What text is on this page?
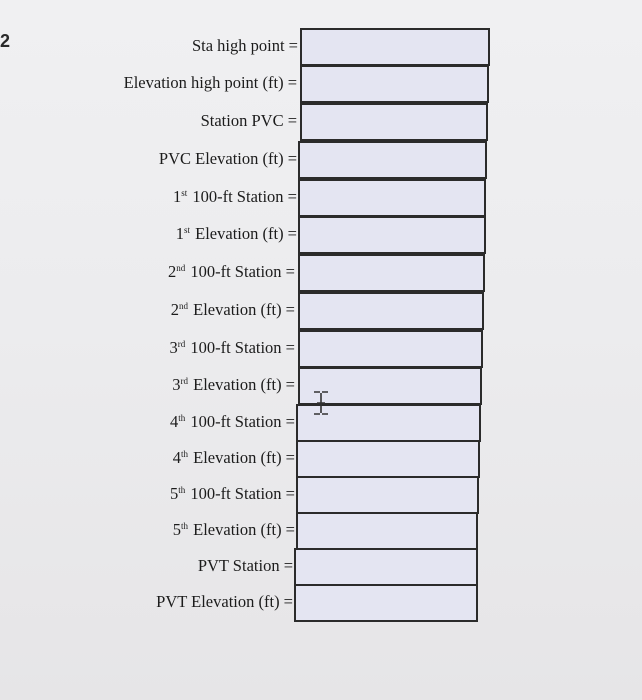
2	Sta high point =
Elevation high point (ft) =
Station PVC =
PVC Elevation (ft) =
1st 100-ft Station =
1st Elevation (ft) =
2nd 100-ft Station =
2nd Elevation (ft) =
3rd 100-ft Station =
3rd Elevation (ft) =
4th 100-ft Station =
4th Elevation (ft) =
5th 100-ft Station =
5th Elevation (ft) =
PVT Station =
PVT Elevation (ft) =
